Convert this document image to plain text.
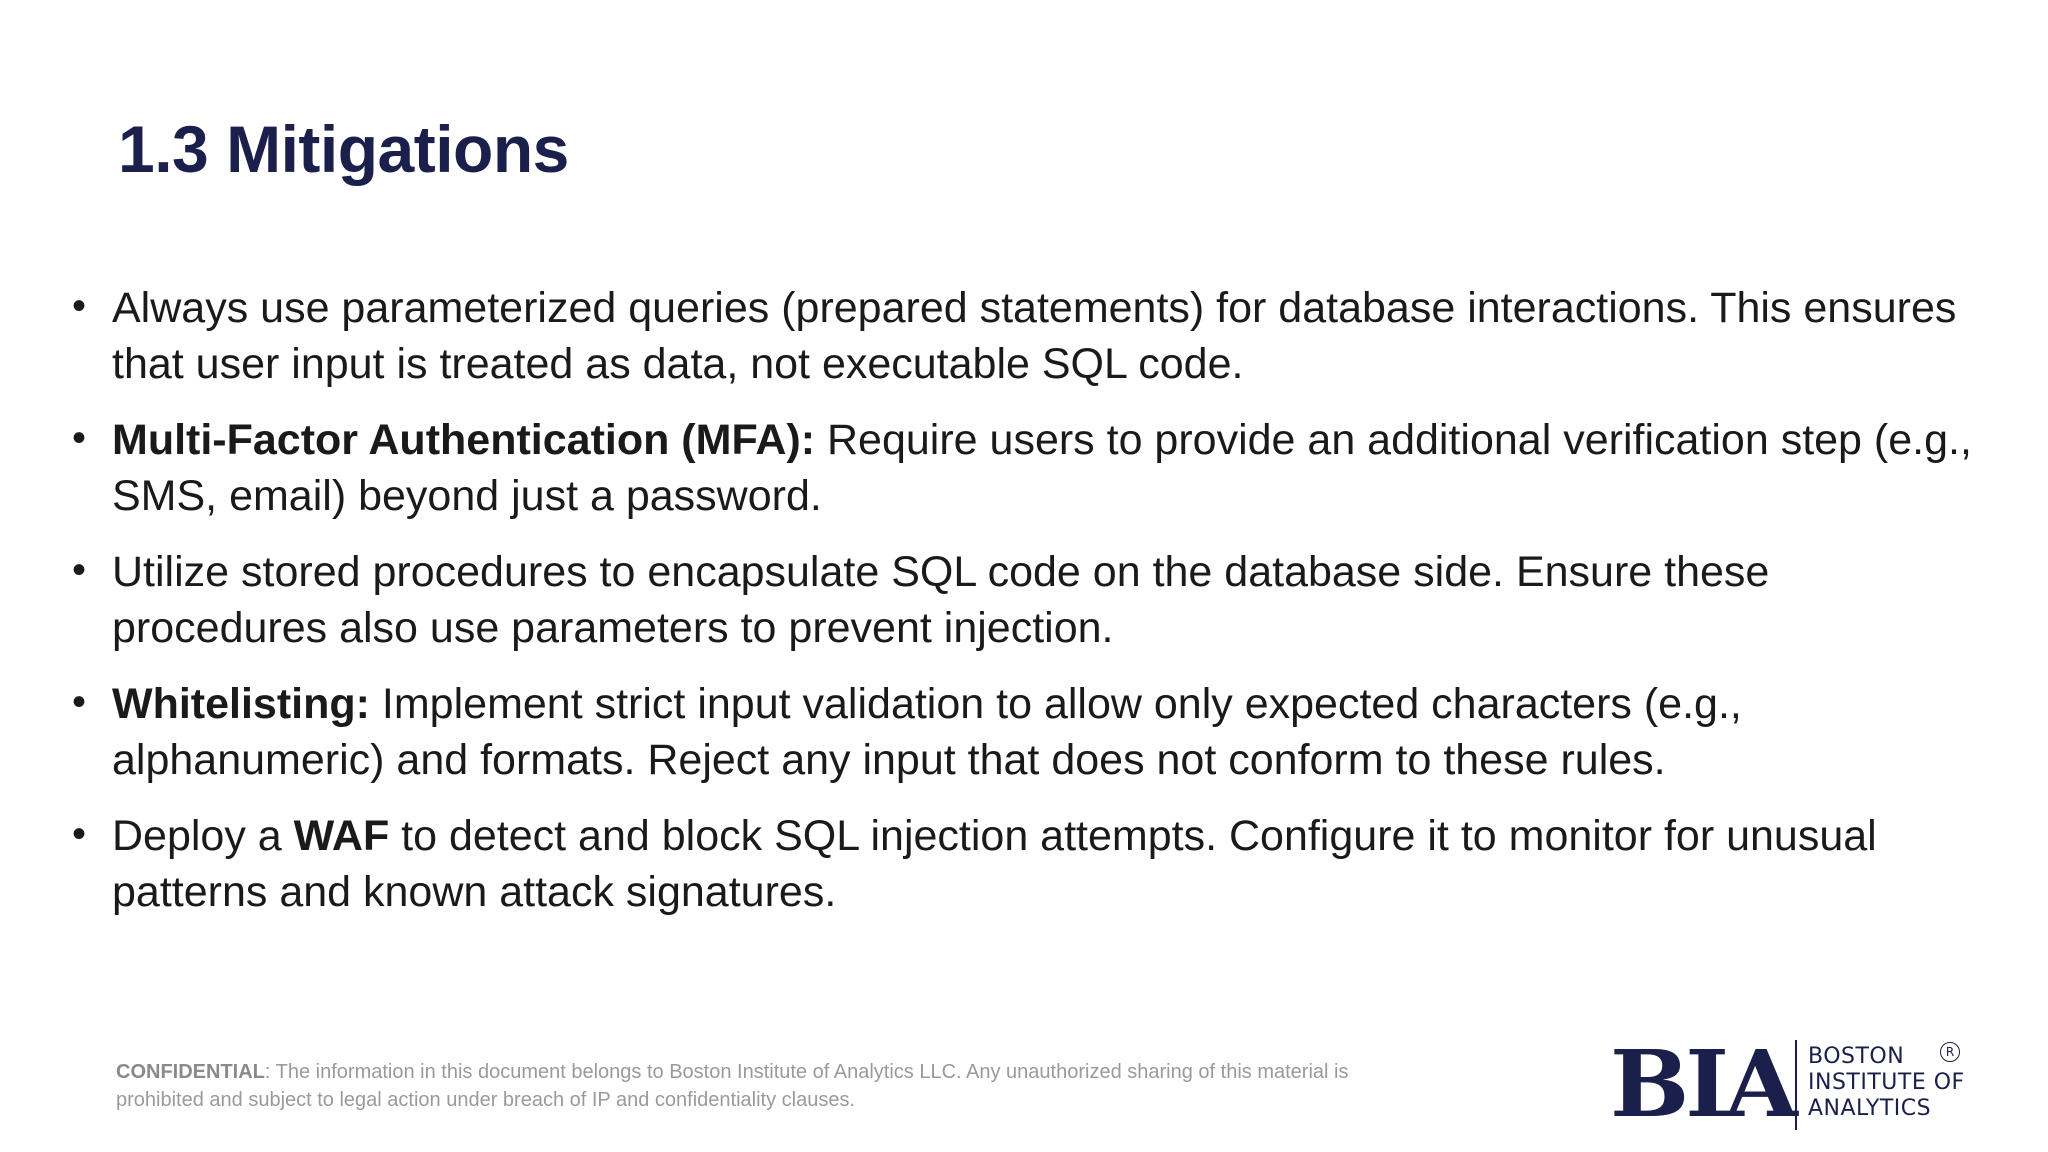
1.3 Mitigations
• Always use parameterized queries (prepared statements) for database interactions. This ensures that user input is treated as data, not executable SQL code.
• Multi-Factor Authentication (MFA): Require users to provide an additional verification step (e.g., SMS, email) beyond just a password.
• Utilize stored procedures to encapsulate SQL code on the database side. Ensure these procedures also use parameters to prevent injection.
• Whitelisting: Implement strict input validation to allow only expected characters (e.g., alphanumeric) and formats. Reject any input that does not conform to these rules.
• Deploy a WAF to detect and block SQL injection attempts. Configure it to monitor for unusual patterns and known attack signatures.
CONFIDENTIAL: The information in this document belongs to Boston Institute of Analytics LLC. Any unauthorized sharing of this material is prohibited and subject to legal action under breach of IP and confidentiality clauses.	BIA BOSTON
INSTITUTE OF
ANALYTICS
R
